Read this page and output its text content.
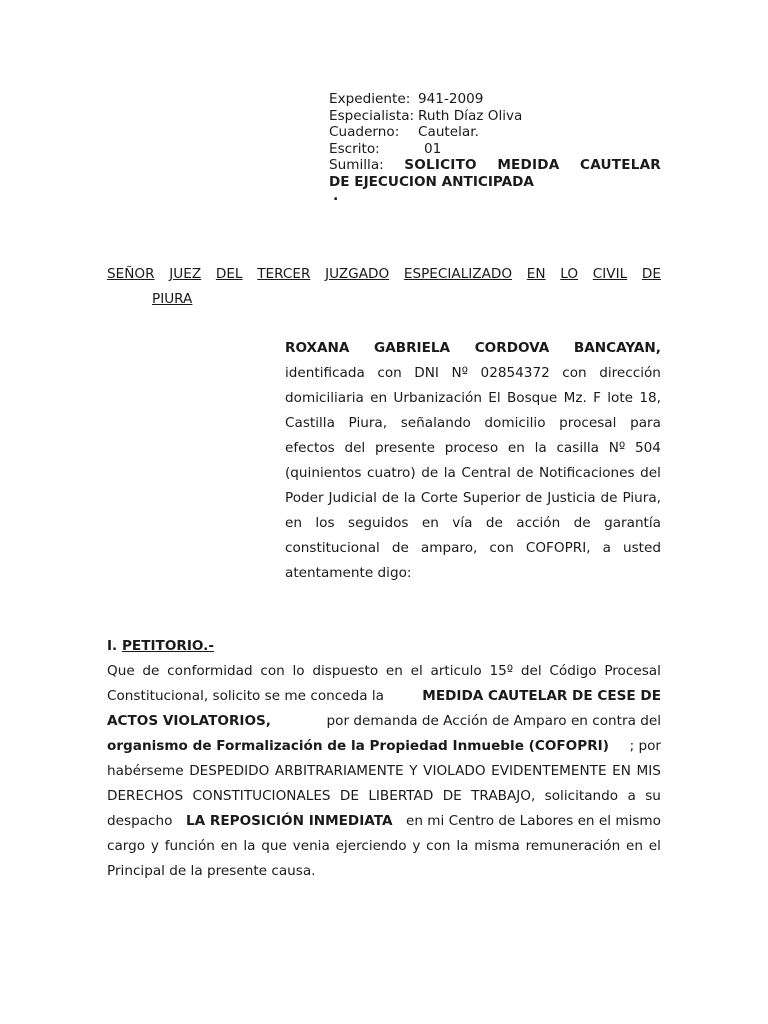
Expediente: 941-2009
Especialista: Ruth Díaz Oliva
Cuaderno:	Cautelar.
Escrito:	01
Sumilla: SOLICITO MEDIDA CAUTELAR
DE EJECUCION ANTICIPADA
.
SEÑOR JUEZ DEL TERCER JUZGADO ESPECIALIZADO EN LO CIVIL DE
PIURA
ROXANA GABRIELA CORDOVA BANCAYAN,
identificada con DNI Nº 02854372 con dirección
domiciliaria en Urbanización El Bosque Mz. F lote 18,
Castilla Piura, señalando domicilio procesal para
efectos del presente proceso en la casilla Nº 504
(quinientos cuatro) de la Central de Notificaciones del
Poder Judicial de la Corte Superior de Justicia de Piura,
en los seguidos en vía de acción de garantía
constitucional de amparo, con COFOPRI, a usted
atentamente digo:
I. PETITORIO.-
Que de conformidad con lo dispuesto en el articulo 15º del Código Procesal
Constitucional, solicito se me conceda la	MEDIDA CAUTELAR DE CESE DE
ACTOS VIOLATORIOS,	por demanda de Acción de Amparo en contra del
organismo de Formalización de la Propiedad Inmueble (COFOPRI) ; por
habérseme DESPEDIDO ARBITRARIAMENTE Y VIOLADO EVIDENTEMENTE EN MIS
DERECHOS CONSTITUCIONALES DE LIBERTAD DE TRABAJO, solicitando a su
despacho LA REPOSICIÓN INMEDIATA en mi Centro de Labores en el mismo
cargo y función en la que venia ejerciendo y con la misma remuneración en el
Principal de la presente causa.
